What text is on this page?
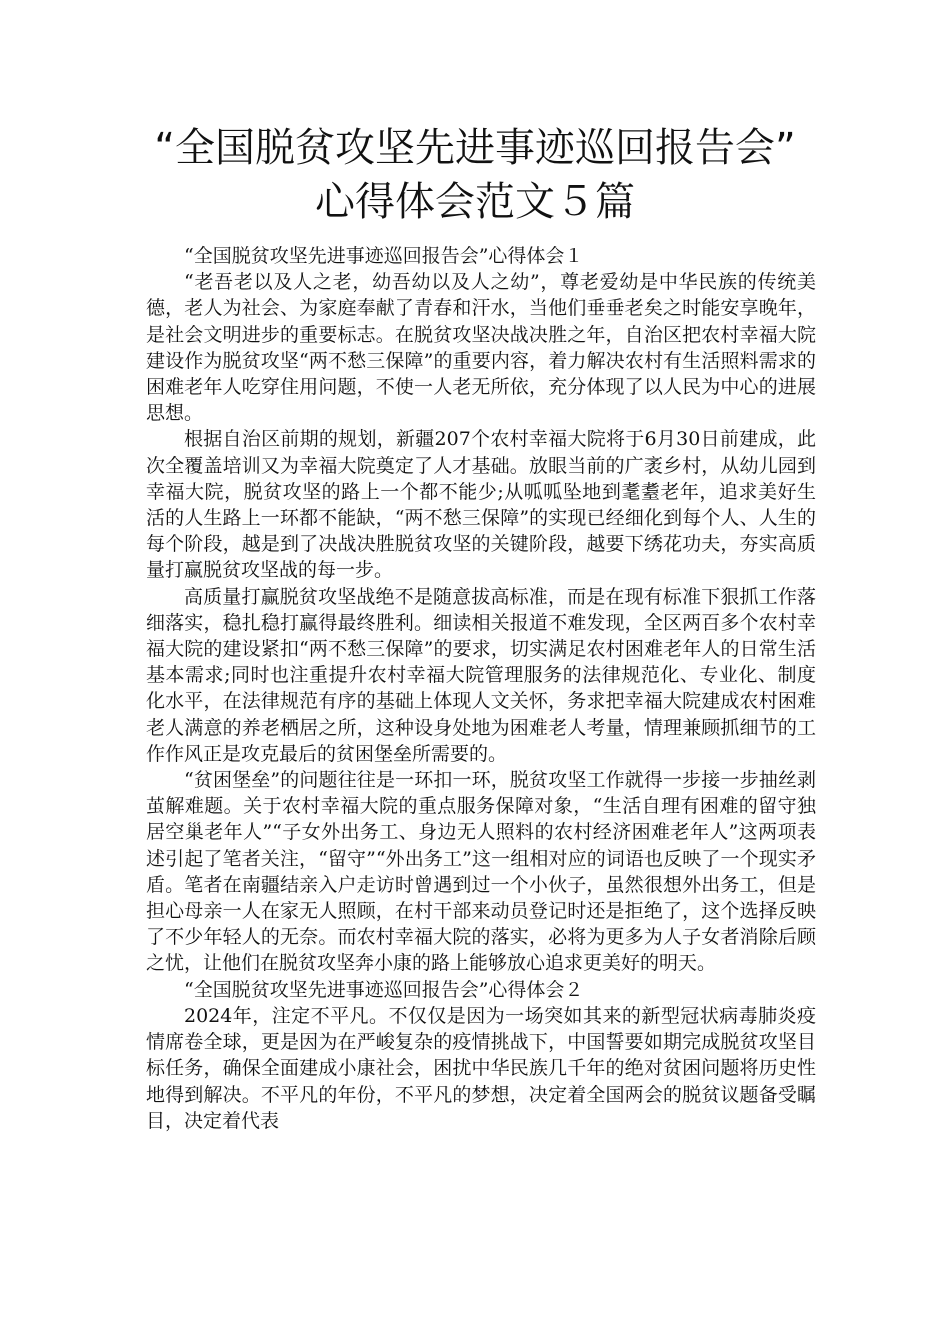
“全国脱贫攻坚先进事迹巡回报告会”
心得体会范文５篇

“全国脱贫攻坚先进事迹巡回报告会”心得体会１

“老吾老以及人之老，幼吾幼以及人之幼”，尊老爱幼是中华民族的传统美德，老人为社会、为家庭奉献了青春和汗水，当他们垂垂老矣之时能安享晚年，是社会文明进步的重要标志。在脱贫攻坚决战决胜之年，自治区把农村幸福大院建设作为脱贫攻坚“两不愁三保障”的重要内容，着力解决农村有生活照料需求的困难老年人吃穿住用问题，不使一人老无所依，充分体现了以人民为中心的进展思想。

根据自治区前期的规划，新疆207个农村幸福大院将于6月30日前建成，此次全覆盖培训又为幸福大院奠定了人才基础。放眼当前的广袤乡村，从幼儿园到幸福大院，脱贫攻坚的路上一个都不能少;从呱呱坠地到耄耋老年，追求美好生活的人生路上一环都不能缺，“两不愁三保障”的实现已经细化到每个人、人生的每个阶段，越是到了决战决胜脱贫攻坚的关键阶段，越要下绣花功夫，夯实高质量打赢脱贫攻坚战的每一步。

高质量打赢脱贫攻坚战绝不是随意拔高标准，而是在现有标准下狠抓工作落细落实，稳扎稳打赢得最终胜利。细读相关报道不难发现，全区两百多个农村幸福大院的建设紧扣“两不愁三保障”的要求，切实满足农村困难老年人的日常生活基本需求;同时也注重提升农村幸福大院管理服务的法律规范化、专业化、制度化水平，在法律规范有序的基础上体现人文关怀，务求把幸福大院建成农村困难老人满意的养老栖居之所，这种设身处地为困难老人考量，情理兼顾抓细节的工作作风正是攻克最后的贫困堡垒所需要的。

“贫困堡垒”的问题往往是一环扣一环，脱贫攻坚工作就得一步接一步抽丝剥茧解难题。关于农村幸福大院的重点服务保障对象，“生活自理有困难的留守独居空巢老年人”“子女外出务工、身边无人照料的农村经济困难老年人”这两项表述引起了笔者关注，“留守”“外出务工”这一组相对应的词语也反映了一个现实矛盾。笔者在南疆结亲入户走访时曾遇到过一个小伙子，虽然很想外出务工，但是担心母亲一人在家无人照顾，在村干部来动员登记时还是拒绝了，这个选择反映了不少年轻人的无奈。而农村幸福大院的落实，必将为更多为人子女者消除后顾之忧，让他们在脱贫攻坚奔小康的路上能够放心追求更美好的明天。

“全国脱贫攻坚先进事迹巡回报告会”心得体会２

2024年，注定不平凡。不仅仅是因为一场突如其来的新型冠状病毒肺炎疫情席卷全球，更是因为在严峻复杂的疫情挑战下，中国誓要如期完成脱贫攻坚目标任务，确保全面建成小康社会，困扰中华民族几千年的绝对贫困问题将历史性地得到解决。不平凡的年份，不平凡的梦想，决定着全国两会的脱贫议题备受瞩目，决定着代表
